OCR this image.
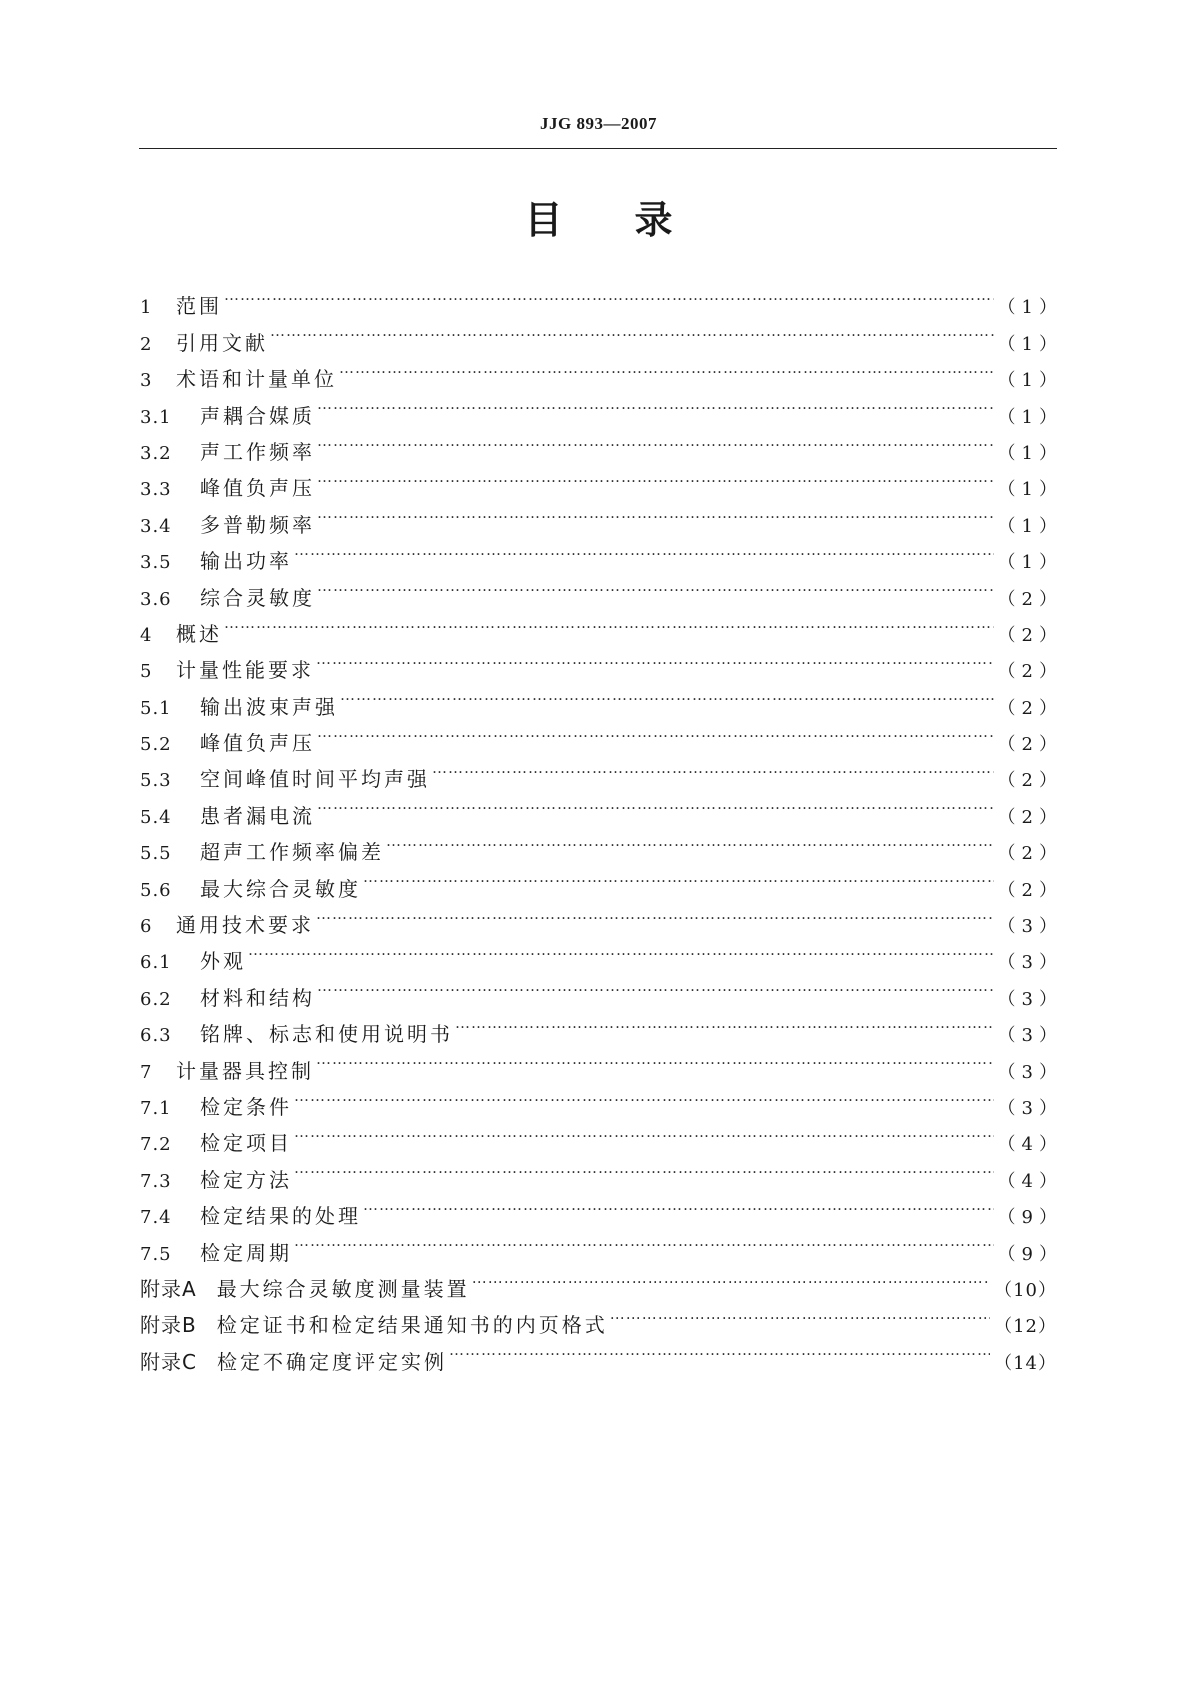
JJG 893—2007
目录
1	范围 ……………………………………………………………………………………………………………………………………………………………………………………………………………………	（1）
2	引用文献 ……………………………………………………………………………………………………………………………………………………………………………………………………………………	（1）
3	术语和计量单位 ……………………………………………………………………………………………………………………………………………………………………………………………………………………	（1）
3.1	声耦合媒质 ……………………………………………………………………………………………………………………………………………………………………………………………………………………	（1）
3.2	声工作频率 ……………………………………………………………………………………………………………………………………………………………………………………………………………………	（1）
3.3	峰值负声压 ……………………………………………………………………………………………………………………………………………………………………………………………………………………	（1）
3.4	多普勒频率 ……………………………………………………………………………………………………………………………………………………………………………………………………………………	（1）
3.5	输出功率 ……………………………………………………………………………………………………………………………………………………………………………………………………………………	（1）
3.6	综合灵敏度 ……………………………………………………………………………………………………………………………………………………………………………………………………………………	（2）
4	概述 ……………………………………………………………………………………………………………………………………………………………………………………………………………………	（2）
5	计量性能要求 ……………………………………………………………………………………………………………………………………………………………………………………………………………………	（2）
5.1	输出波束声强 ……………………………………………………………………………………………………………………………………………………………………………………………………………………	（2）
5.2	峰值负声压 ……………………………………………………………………………………………………………………………………………………………………………………………………………………	（2）
5.3	空间峰值时间平均声强 ……………………………………………………………………………………………………………………………………………………………………………………………………………………	（2）
5.4	患者漏电流 ……………………………………………………………………………………………………………………………………………………………………………………………………………………	（2）
5.5	超声工作频率偏差 ……………………………………………………………………………………………………………………………………………………………………………………………………………………	（2）
5.6	最大综合灵敏度 ……………………………………………………………………………………………………………………………………………………………………………………………………………………	（2）
6	通用技术要求 ……………………………………………………………………………………………………………………………………………………………………………………………………………………	（3）
6.1	外观 ……………………………………………………………………………………………………………………………………………………………………………………………………………………	（3）
6.2	材料和结构 ……………………………………………………………………………………………………………………………………………………………………………………………………………………	（3）
6.3	铭牌、标志和使用说明书 ……………………………………………………………………………………………………………………………………………………………………………………………………………………	（3）
7	计量器具控制 ……………………………………………………………………………………………………………………………………………………………………………………………………………………	（3）
7.1	检定条件 ……………………………………………………………………………………………………………………………………………………………………………………………………………………	（3）
7.2	检定项目 ……………………………………………………………………………………………………………………………………………………………………………………………………………………	（4）
7.3	检定方法 ……………………………………………………………………………………………………………………………………………………………………………………………………………………	（4）
7.4	检定结果的处理 ……………………………………………………………………………………………………………………………………………………………………………………………………………………	（9）
7.5	检定周期 ……………………………………………………………………………………………………………………………………………………………………………………………………………………	（9）
附录A	最大综合灵敏度测量装置 ……………………………………………………………………………………………………………………………………………………………………………………………………………………	（10）
附录B	检定证书和检定结果通知书的内页格式 ……………………………………………………………………………………………………………………………………………………………………………………………………………………	（12）
附录C	检定不确定度评定实例 ……………………………………………………………………………………………………………………………………………………………………………………………………………………	（14）
